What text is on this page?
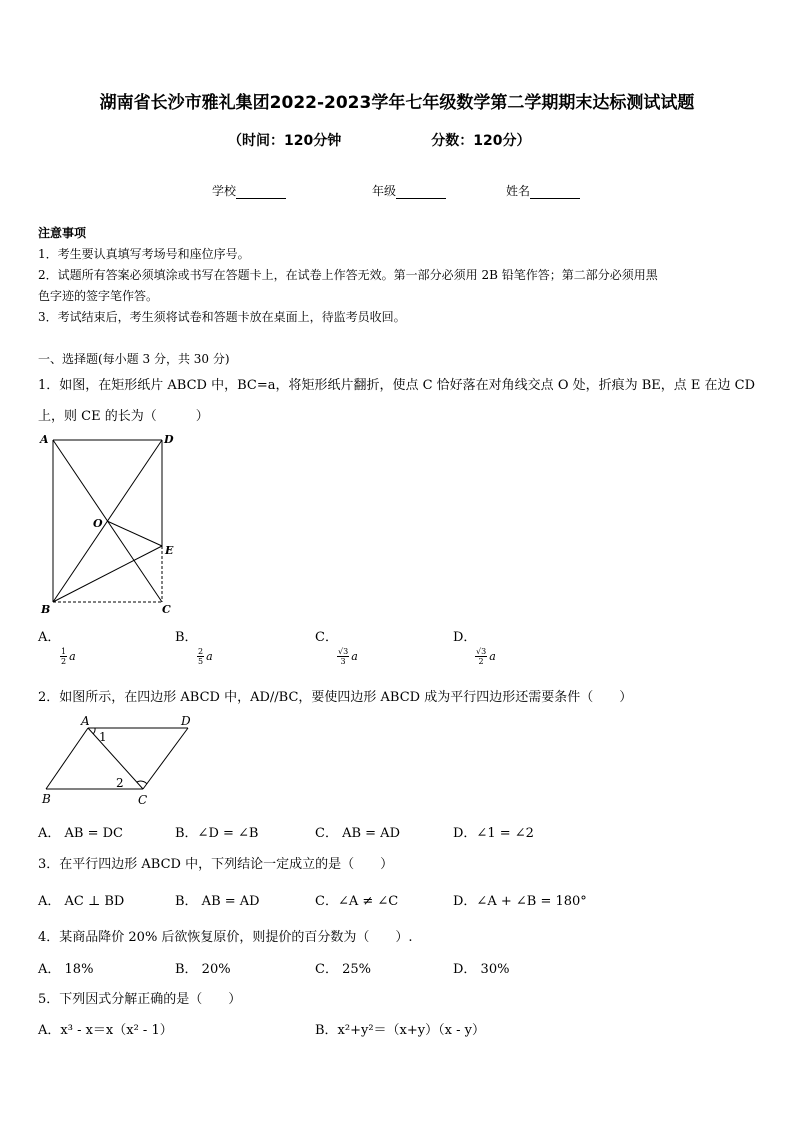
湖南省长沙市雅礼集团2022-2023学年七年级数学第二学期期末达标测试试题
（时间：120分钟	分数：120分）
学校	年级	姓名
注意事项
1．考生要认真填写考场号和座位序号。
2．试题所有答案必须填涂或书写在答题卡上，在试卷上作答无效。第一部分必须用 2B 铅笔作答；第二部分必须用黑
色字迹的签字笔作答。
3．考试结束后，考生须将试卷和答题卡放在桌面上，待监考员收回。
一、选择题(每小题 3 分，共 30 分)
1．如图，在矩形纸片 ABCD 中，BC=a，将矩形纸片翻折，使点 C 恰好落在对角线交点 O 处，折痕为 BE，点 E 在边 CD
上，则 CE 的长为（　　　）
A	D
O
E
B	C
A．
$\frac{1}{2}$ a
B．
$\frac{2}{5}$ a
C．
$\frac{√3}{3}$ a
D．
$\frac{√3}{2}$ a
2．如图所示，在四边形 ABCD 中，AD//BC，要使四边形 ABCD 成为平行四边形还需要条件（　　）
A	D
B	C
1
2
A． AB = DC	B．∠D = ∠B	C． AB = AD	D．∠1 = ∠2
3．在平行四边形 ABCD 中，下列结论一定成立的是（　　）
A． AC ⊥ BD	B． AB = AD	C．∠A ≠ ∠C	D．∠A + ∠B = 180°
4．某商品降价 20% 后欲恢复原价，则提价的百分数为（　　）.
A． 18%	B． 20%	C． 25%	D． 30%
5．下列因式分解正确的是（　　）
A．x³ - x＝x（x² - 1）	B．x²+y²＝（x+y）（x - y）
